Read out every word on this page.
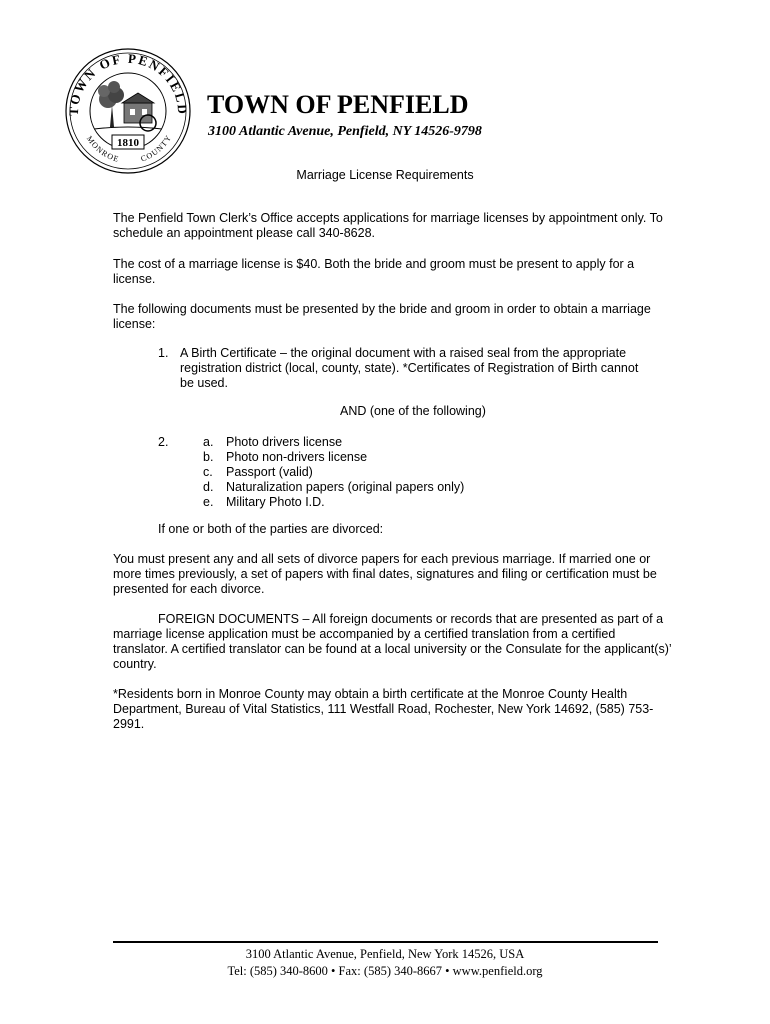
TOWN OF PENFIELD
MONROE COUNTY
1810
TOWN OF PENFIELD
3100 Atlantic Avenue, Penfield, NY 14526-9798
Marriage License Requirements

The Penfield Town Clerk’s Office accepts applications for marriage licenses by appointment only. To schedule an appointment please call 340-8628.

The cost of a marriage license is $40. Both the bride and groom must be present to apply for a license.

The following documents must be presented by the bride and groom in order to obtain a marriage license:

1. A Birth Certificate – the original document with a raised seal from the appropriate registration district (local, county, state). *Certificates of Registration of Birth cannot be used.
AND (one of the following)
2.	a. Photo drivers license
b. Photo non-drivers license
c. Passport (valid)
d. Naturalization papers (original papers only)
e. Military Photo I.D.
If one or both of the parties are divorced:

You must present any and all sets of divorce papers for each previous marriage. If married one or more times previously, a set of papers with final dates, signatures and filing or certification must be presented for each divorce.

FOREIGN DOCUMENTS – All foreign documents or records that are presented as part of a marriage license application must be accompanied by a certified translation from a certified translator. A certified translator can be found at a local university or the Consulate for the applicant(s)’ country.

*Residents born in Monroe County may obtain a birth certificate at the Monroe County Health Department, Bureau of Vital Statistics, 111 Westfall Road, Rochester, New York 14692, (585) 753-2991.

3100 Atlantic Avenue, Penfield, New York 14526, USA
Tel: (585) 340-8600 • Fax: (585) 340-8667 • www.penfield.org
